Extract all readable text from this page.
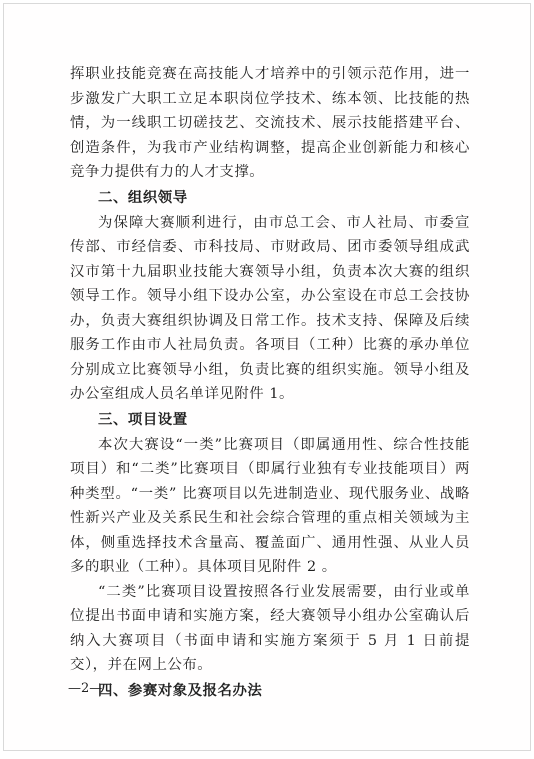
挥职业技能竞赛在高技能人才培养中的引领示范作用，进一步激发广大职工立足本职岗位学技术、练本领、比技能的热情，为一线职工切磋技艺、交流技术、展示技能搭建平台、创造条件，为我市产业结构调整，提高企业创新能力和核心竞争力提供有力的人才支撑。

二、组织领导

为保障大赛顺利进行，由市总工会、市人社局、市委宣传部、市经信委、市科技局、市财政局、团市委领导组成武汉市第十九届职业技能大赛领导小组，负责本次大赛的组织领导工作。领导小组下设办公室，办公室设在市总工会技协办，负责大赛组织协调及日常工作。技术支持、保障及后续服务工作由市人社局负责。各项目（工种）比赛的承办单位分别成立比赛领导小组，负责比赛的组织实施。领导小组及办公室组成人员名单详见附件 1。

三、项目设置

本次大赛设“一类”比赛项目（即属通用性、综合性技能项目）和“二类”比赛项目（即属行业独有专业技能项目）两种类型。“一类” 比赛项目以先进制造业、现代服务业、战略性新兴产业及关系民生和社会综合管理的重点相关领域为主体，侧重选择技术含量高、覆盖面广、通用性强、从业人员多的职业（工种）。具体项目见附件 2 。

“二类”比赛项目设置按照各行业发展需要，由行业或单位提出书面申请和实施方案，经大赛领导小组办公室确认后纳入大赛项目（书面申请和实施方案须于 5 月 1 日前提交），并在网上公布。

四、参赛对象及报名办法

—2—
